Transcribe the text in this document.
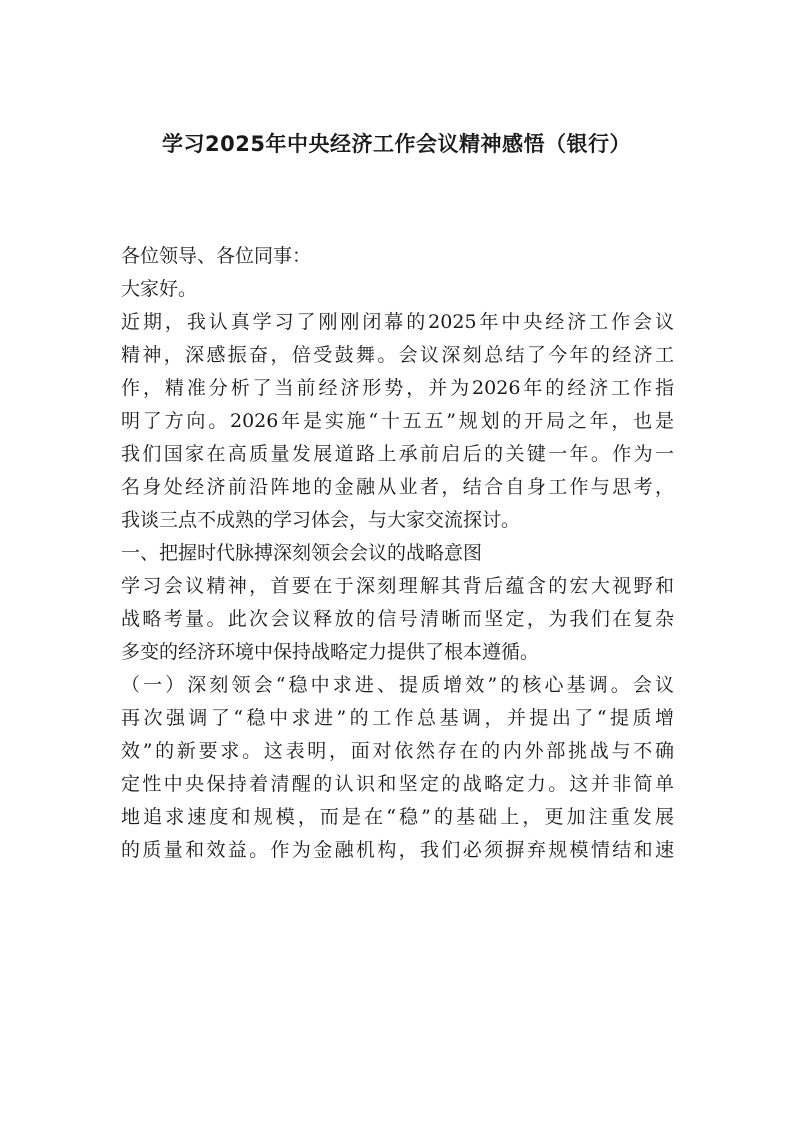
学习2025年中央经济工作会议精神感悟（银行）
各位领导、各位同事：
大家好。
近期，我认真学习了刚刚闭幕的2025年中央经济工作会议
精神，深感振奋，倍受鼓舞。会议深刻总结了今年的经济工
作，精准分析了当前经济形势，并为2026年的经济工作指
明了方向。2026年是实施“十五五”规划的开局之年，也是
我们国家在高质量发展道路上承前启后的关键一年。作为一
名身处经济前沿阵地的金融从业者，结合自身工作与思考，
我谈三点不成熟的学习体会，与大家交流探讨。
一、把握时代脉搏深刻领会会议的战略意图
学习会议精神，首要在于深刻理解其背后蕴含的宏大视野和
战略考量。此次会议释放的信号清晰而坚定，为我们在复杂
多变的经济环境中保持战略定力提供了根本遵循。
（一）深刻领会“稳中求进、提质增效”的核心基调。会议
再次强调了“稳中求进”的工作总基调，并提出了“提质增
效”的新要求。这表明，面对依然存在的内外部挑战与不确
定性中央保持着清醒的认识和坚定的战略定力。这并非简单
地追求速度和规模，而是在“稳”的基础上，更加注重发展
的质量和效益。作为金融机构，我们必须摒弃规模情结和速
